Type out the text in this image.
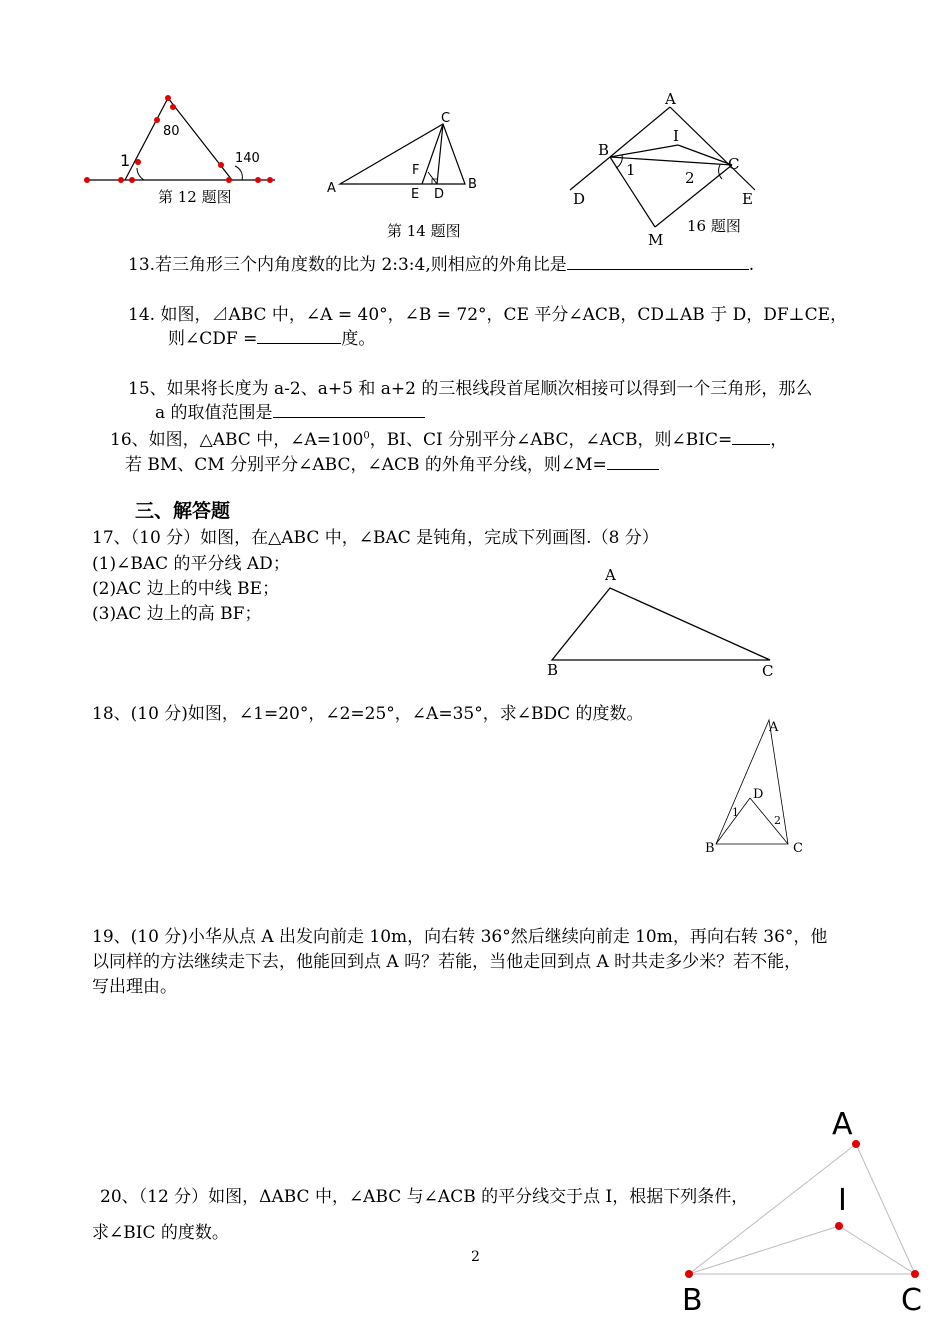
1
80
140
第 12 题图	A	B
C
D
E
F
第 14 题图
A
B
C
D	E
I
M
1	2
16 题图
13.若三角形三个内角度数的比为 2:3:4,则相应的外角比是	.
14. 如图，⊿ABC 中，∠A = 40°，∠B = 72°，CE 平分∠ACB，CD⊥AB 于 D，DF⊥CE，
则∠CDF =	度。
15、如果将长度为 a-2、a+5 和 a+2 的三根线段首尾顺次相接可以得到一个三角形，那么
a 的取值范围是
16、如图，△ABC 中，$\angle A=100^0$，BI、CI 分别平分∠ABC，∠ACB，则∠BIC= ，
若 BM、CM 分别平分∠ABC，∠ACB 的外角平分线，则∠M=
三、解答题
17、（10 分）如图，在△ABC 中，∠BAC 是钝角，完成下列画图.（8 分）
(1)∠BAC 的平分线 AD；
(2)AC 边上的中线 BE；
(3)AC 边上的高 BF；
A
B	C
18、(10 分)如图，∠1=20°，∠2=25°，∠A=35°，求∠BDC 的度数。
A
B	C
D
1
2
19、(10 分)小华从点 A 出发向前走 10m，向右转 36°然后继续向前走 10m，再向右转 36°，他
以同样的方法继续走下去，他能回到点 A 吗？若能，当他走回到点 A 时共走多少米？若不能，
写出理由。
20、（12 分）如图，ΔABC 中，∠ABC 与∠ACB 的平分线交于点 I，根据下列条件，
求∠BIC 的度数。
A
I
B	C
2
